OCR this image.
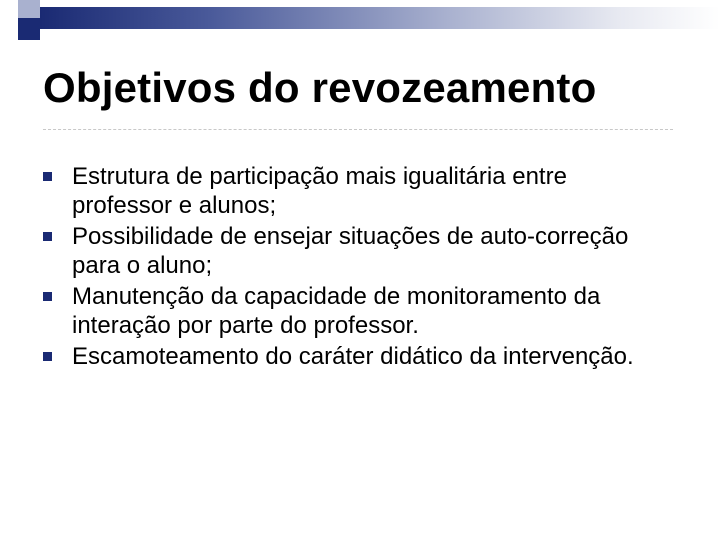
Objetivos do revozeamento
Estrutura de participação mais igualitária entre professor e alunos;
Possibilidade de ensejar situações de auto-correção para o aluno;
Manutenção da capacidade de monitoramento da interação por parte do professor.
Escamoteamento do caráter didático da intervenção.
